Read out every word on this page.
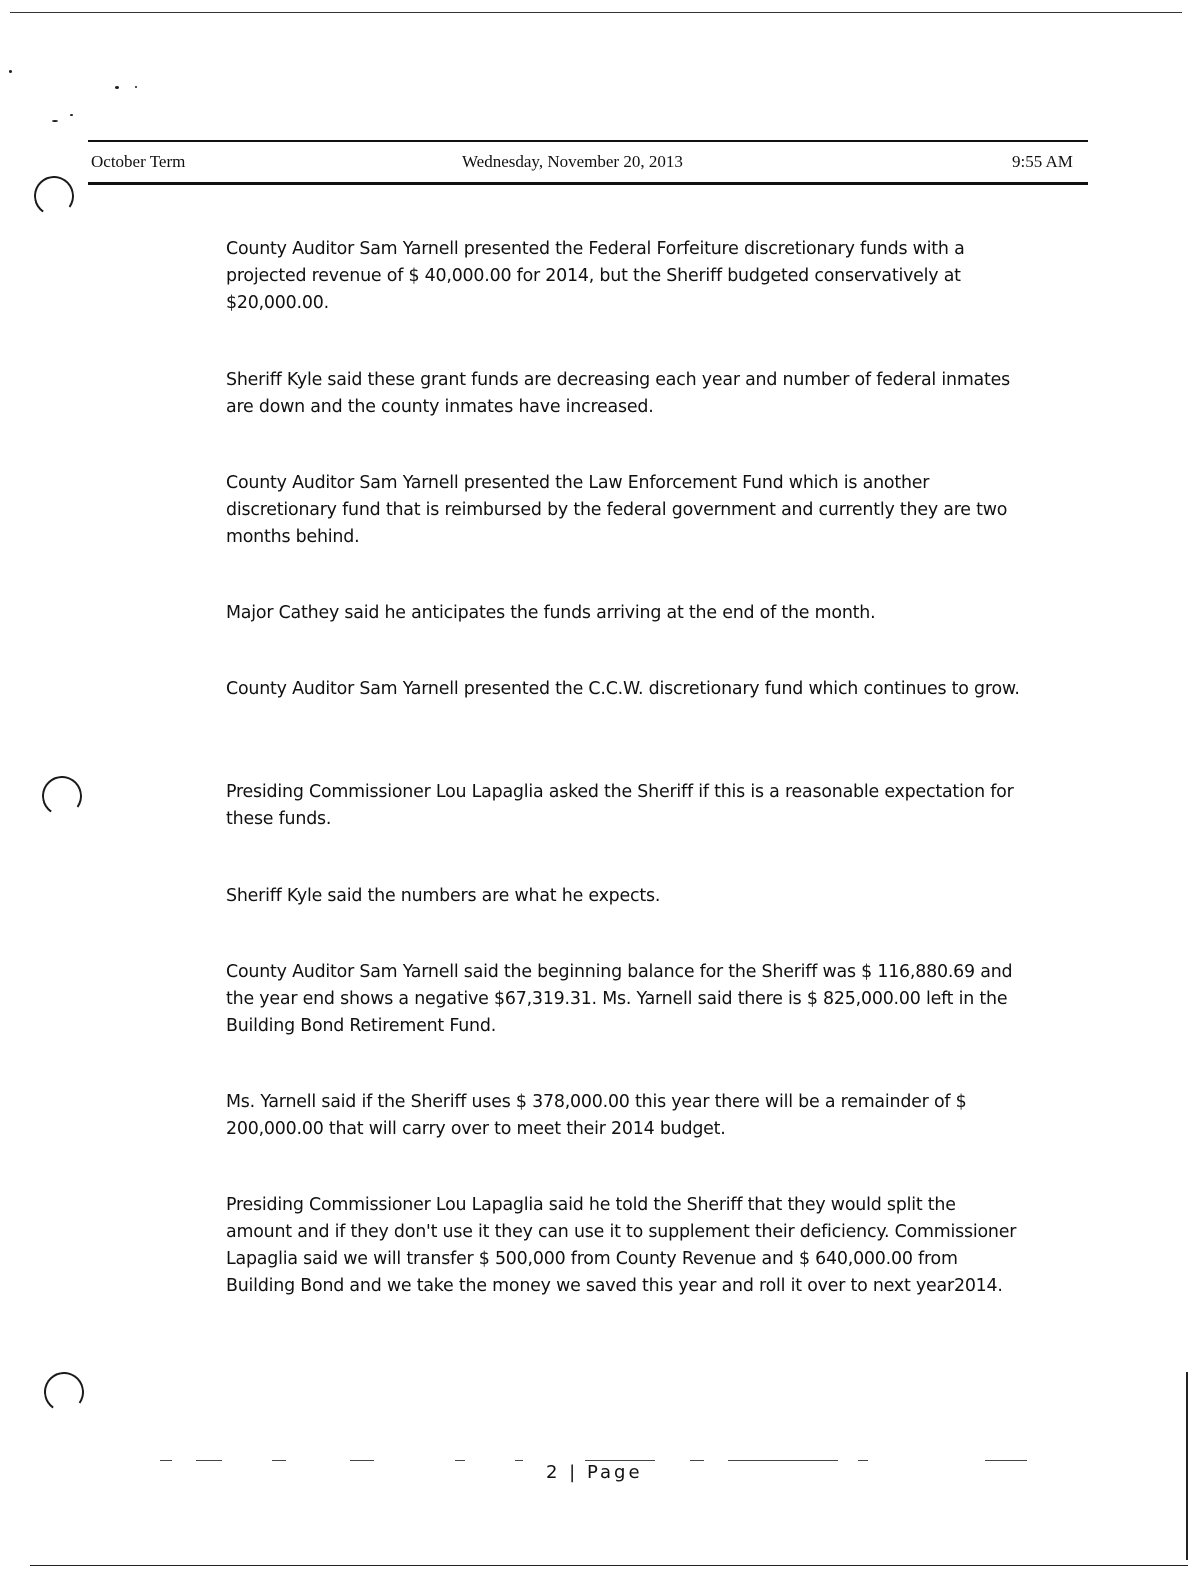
October Term	Wednesday, November 20, 2013	9:55 AM
County Auditor Sam Yarnell presented the Federal Forfeiture discretionary funds with a projected revenue of $ 40,000.00 for 2014, but the Sheriff budgeted conservatively at $20,000.00.
Sheriff Kyle said these grant funds are decreasing each year and number of federal inmates are down and the county inmates have increased.
County Auditor Sam Yarnell presented the Law Enforcement Fund which is another discretionary fund that is reimbursed by the federal government and currently they are two months behind.
Major Cathey said he anticipates the funds arriving at the end of the month.
County Auditor Sam Yarnell presented the C.C.W. discretionary fund which continues to grow.
Presiding Commissioner Lou Lapaglia asked the Sheriff if this is a reasonable expectation for these funds.
Sheriff Kyle said the numbers are what he expects.
County Auditor Sam Yarnell said the beginning balance for the Sheriff was $ 116,880.69 and the year end shows a negative $67,319.31. Ms. Yarnell said there is $ 825,000.00 left in the Building Bond Retirement Fund.
Ms. Yarnell said if the Sheriff uses $ 378,000.00 this year there will be a remainder of $ 200,000.00 that will carry over to meet their 2014 budget.
Presiding Commissioner Lou Lapaglia said he told the Sheriff that they would split the amount and if they don't use it they can use it to supplement their deficiency. Commissioner Lapaglia said we will transfer $ 500,000 from County Revenue and $ 640,000.00 from Building Bond and we take the money we saved this year and roll it over to next year2014.
2 | Page
